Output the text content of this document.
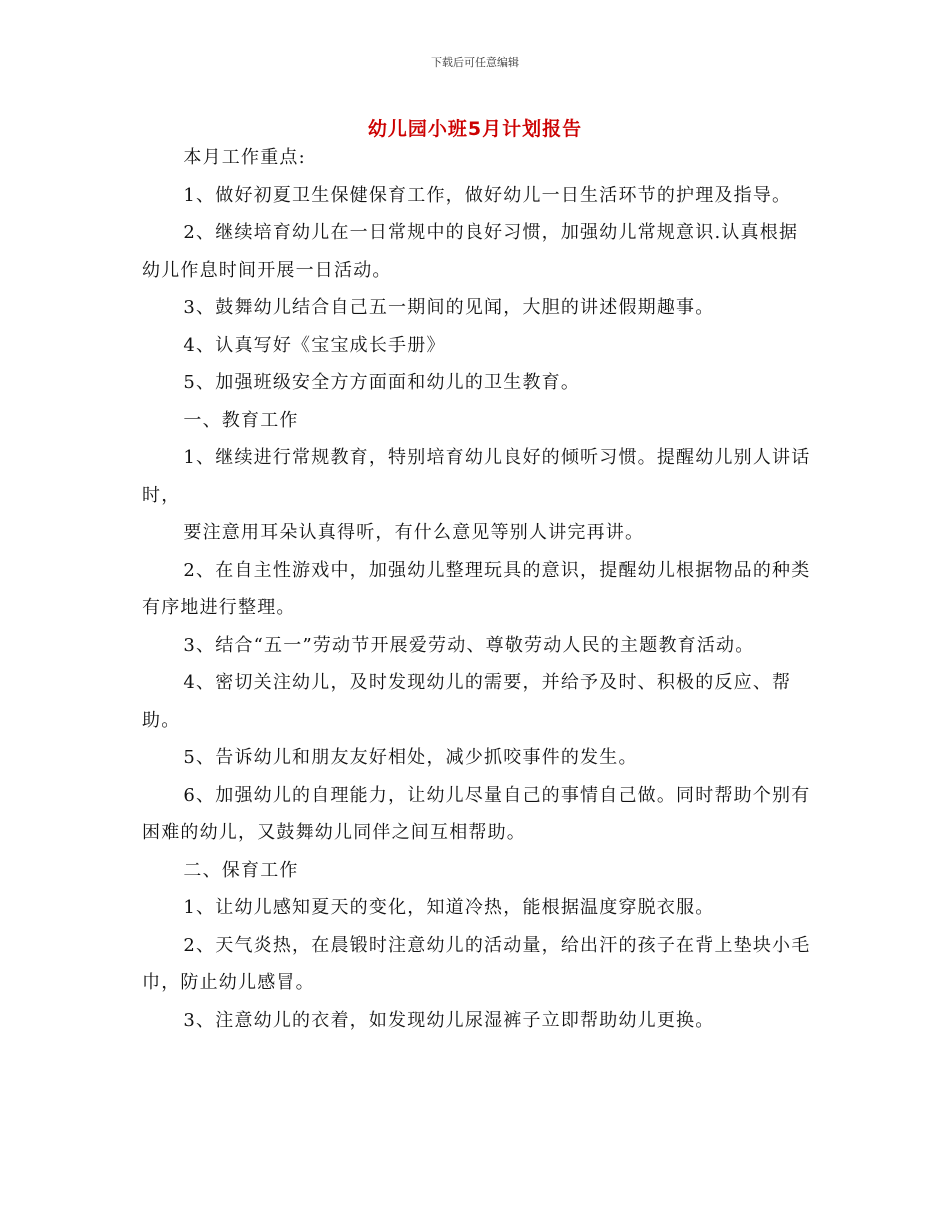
下载后可任意编辑
幼儿园小班5月计划报告

本月工作重点:

1、做好初夏卫生保健保育工作，做好幼儿一日生活环节的护理及指导。

2、继续培育幼儿在一日常规中的良好习惯，加强幼儿常规意识.认真根据幼儿作息时间开展一日活动。

3、鼓舞幼儿结合自己五一期间的见闻，大胆的讲述假期趣事。

4、认真写好《宝宝成长手册》

5、加强班级安全方方面面和幼儿的卫生教育。

一、教育工作

1、继续进行常规教育，特别培育幼儿良好的倾听习惯。提醒幼儿别人讲话时，

要注意用耳朵认真得听，有什么意见等别人讲完再讲。

2、在自主性游戏中，加强幼儿整理玩具的意识，提醒幼儿根据物品的种类有序地进行整理。

3、结合“五一”劳动节开展爱劳动、尊敬劳动人民的主题教育活动。

4、密切关注幼儿，及时发现幼儿的需要，并给予及时、积极的反应、帮助。

5、告诉幼儿和朋友友好相处，减少抓咬事件的发生。

6、加强幼儿的自理能力，让幼儿尽量自己的事情自己做。同时帮助个别有困难的幼儿，又鼓舞幼儿同伴之间互相帮助。

二、保育工作

1、让幼儿感知夏天的变化，知道冷热，能根据温度穿脱衣服。

2、天气炎热，在晨锻时注意幼儿的活动量，给出汗的孩子在背上垫块小毛巾，防止幼儿感冒。

3、注意幼儿的衣着，如发现幼儿尿湿裤子立即帮助幼儿更换。
